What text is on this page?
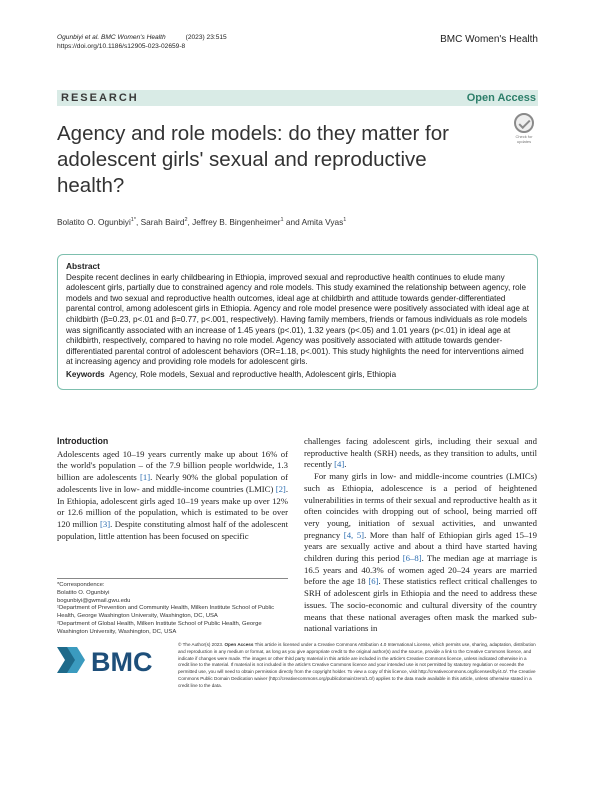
Ogunbiyi et al. BMC Women's Health	(2023) 23:515
https://doi.org/10.1186/s12905-023-02659-8
BMC Women's Health
RESEARCH	Open Access
Agency and role models: do they matter for adolescent girls' sexual and reproductive health?
Check for
updates
Bolatito O. Ogunbiyi$^{1*}$, Sarah Baird$^2$, Jeffrey B. Bingenheimer$^1$ and Amita Vyas$^1$
Abstract
Despite recent declines in early childbearing in Ethiopia, improved sexual and reproductive health continues to elude many adolescent girls, partially due to constrained agency and role models. This study examined the relationship between agency, role models and two sexual and reproductive health outcomes, ideal age at childbirth and attitude towards gender-differentiated parental control, among adolescent girls in Ethiopia. Agency and role model presence were positively associated with ideal age at childbirth (β=0.23, p<.01 and β=0.77, p<.001, respectively). Having family members, friends or famous individuals as role models was significantly associated with an increase of 1.45 years (p<.01), 1.32 years (p<.05) and 1.01 years (p<.01) in ideal age at childbirth, respectively, compared to having no role model. Agency was positively associated with attitude towards gender-differentiated parental control of adolescent behaviors (OR=1.18, p<.001). This study highlights the need for interventions aimed at increasing agency and providing role models for adolescent girls.
Keywords Agency, Role models, Sexual and reproductive health, Adolescent girls, Ethiopia
Introduction

Adolescents aged 10–19 years currently make up about 16% of the world's population – of the 7.9 billion people worldwide, 1.3 billion are adolescents [1]. Nearly 90% the global population of adolescents live in low- and middle-income countries (LMIC) [2]. In Ethiopia, adolescent girls aged 10–19 years make up over 12% or 12.6 million of the population, which is estimated to be over 120 million [3]. Despite constituting almost half of the adolescent population, little attention has been focused on specific

challenges facing adolescent girls, including their sexual and reproductive health (SRH) needs, as they transition to adults, until recently [4].

For many girls in low- and middle-income countries (LMICs) such as Ethiopia, adolescence is a period of heightened vulnerabilities in terms of their sexual and reproductive health as it often coincides with dropping out of school, being married off very young, initiation of sexual activities, and unwanted pregnancy [4, 5]. More than half of Ethiopian girls aged 15–19 years are sexually active and about a third have started having children during this period [6–8]. The median age at marriage is 16.5 years and 40.3% of women aged 20–24 years are married before the age 18 [6]. These statistics reflect critical challenges to SRH of adolescent girls in Ethiopia and the need to address these issues. The socio-economic and cultural diversity of the country means that these national averages often mask the marked sub-national variations in

*Correspondence:
Bolatito O. Ogunbiyi
bogunbiyi@gwmail.gwu.edu
¹Department of Prevention and Community Health, Milken Institute School of Public Health, George Washington University, Washington, DC, USA
²Department of Global Health, Milken Institute School of Public Health, George Washington University, Washington, DC, USA
BMC
© The Author(s) 2023. Open Access This article is licensed under a Creative Commons Attribution 4.0 International License, which permits use, sharing, adaptation, distribution and reproduction in any medium or format, as long as you give appropriate credit to the original author(s) and the source, provide a link to the Creative Commons licence, and indicate if changes were made. The images or other third party material in this article are included in the article's Creative Commons licence, unless indicated otherwise in a credit line to the material. If material is not included in the article's Creative Commons licence and your intended use is not permitted by statutory regulation or exceeds the permitted use, you will need to obtain permission directly from the copyright holder. To view a copy of this licence, visit http://creativecommons.org/licenses/by/4.0/. The Creative Commons Public Domain Dedication waiver (http://creativecommons.org/publicdomain/zero/1.0/) applies to the data made available in this article, unless otherwise stated in a credit line to the data.
